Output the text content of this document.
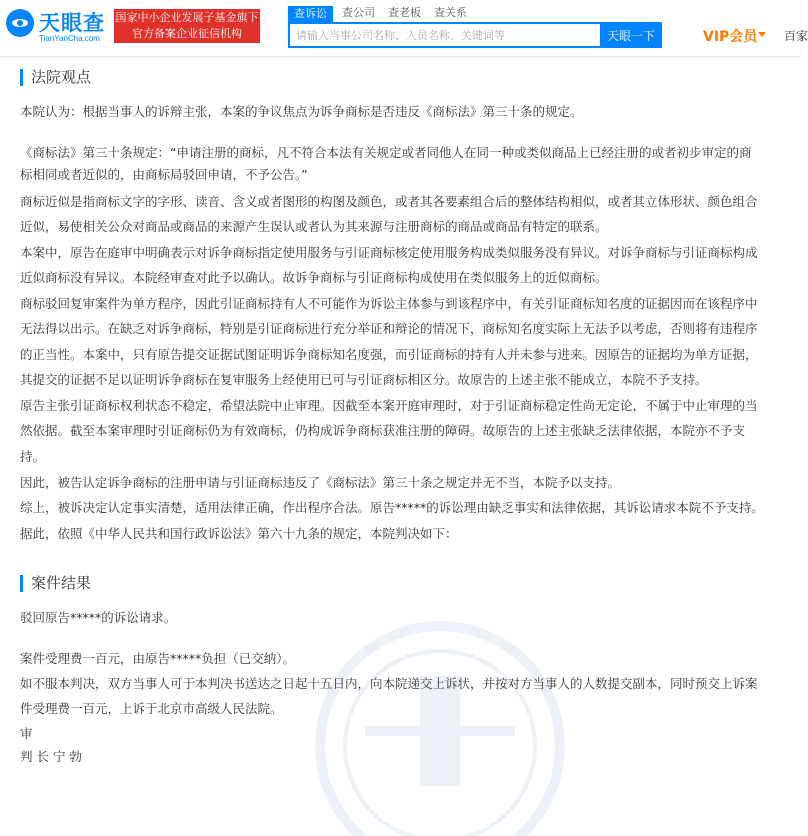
天眼查
TianYanCha.com
国家中小企业发展子基金旗下
官方备案企业征信机构
查诉讼	查公司 查老板 查关系
请输入当事公司名称、人员名称、关键词等
天眼一下	VIP会员 百家
法院观点
本院认为：根据当事人的诉辩主张，本案的争议焦点为诉争商标是否违反《商标法》第三十条的规定。
《商标法》第三十条规定：“申请注册的商标，凡不符合本法有关规定或者同他人在同一种或类似商品上已经注册的或者初步审定的商
标相同或者近似的，由商标局驳回申请，不予公告。”
商标近似是指商标文字的字形、读音、含义或者图形的构图及颜色，或者其各要素组合后的整体结构相似，或者其立体形状、颜色组合
近似，易使相关公众对商品或商品的来源产生误认或者认为其来源与注册商标的商品或商品有特定的联系。
本案中，原告在庭审中明确表示对诉争商标指定使用服务与引证商标核定使用服务构成类似服务没有异议。对诉争商标与引证商标构成
近似商标没有异议。本院经审查对此予以确认。故诉争商标与引证商标构成使用在类似服务上的近似商标。
商标驳回复审案件为单方程序，因此引证商标持有人不可能作为诉讼主体参与到该程序中，有关引证商标知名度的证据因而在该程序中
无法得以出示。在缺乏对诉争商标，特别是引证商标进行充分举证和辩论的情况下，商标知名度实际上无法予以考虑，否则将有违程序
的正当性。本案中，只有原告提交证据试图证明诉争商标知名度强，而引证商标的持有人并未参与进来。因原告的证据均为单方证据，
其提交的证据不足以证明诉争商标在复审服务上经使用已可与引证商标相区分。故原告的上述主张不能成立，本院不予支持。
原告主张引证商标权利状态不稳定，希望法院中止审理。因截至本案开庭审理时，对于引证商标稳定性尚无定论，不属于中止审理的当
然依据。截至本案审理时引证商标仍为有效商标，仍构成诉争商标获准注册的障碍。故原告的上述主张缺乏法律依据，本院亦不予支
持。
因此，被告认定诉争商标的注册申请与引证商标违反了《商标法》第三十条之规定并无不当，本院予以支持。
综上，被诉决定认定事实清楚，适用法律正确，作出程序合法。原告*****的诉讼理由缺乏事实和法律依据，其诉讼请求本院不予支持。
据此，依照《中华人民共和国行政诉讼法》第六十九条的规定，本院判决如下：
案件结果
驳回原告*****的诉讼请求。
案件受理费一百元，由原告*****负担（已交纳）。
如不服本判决，双方当事人可于本判决书送达之日起十五日内，向本院递交上诉状，并按对方当事人的人数提交副本，同时预交上诉案
件受理费一百元，上诉于北京市高级人民法院。
审
判 长 宁 勃
